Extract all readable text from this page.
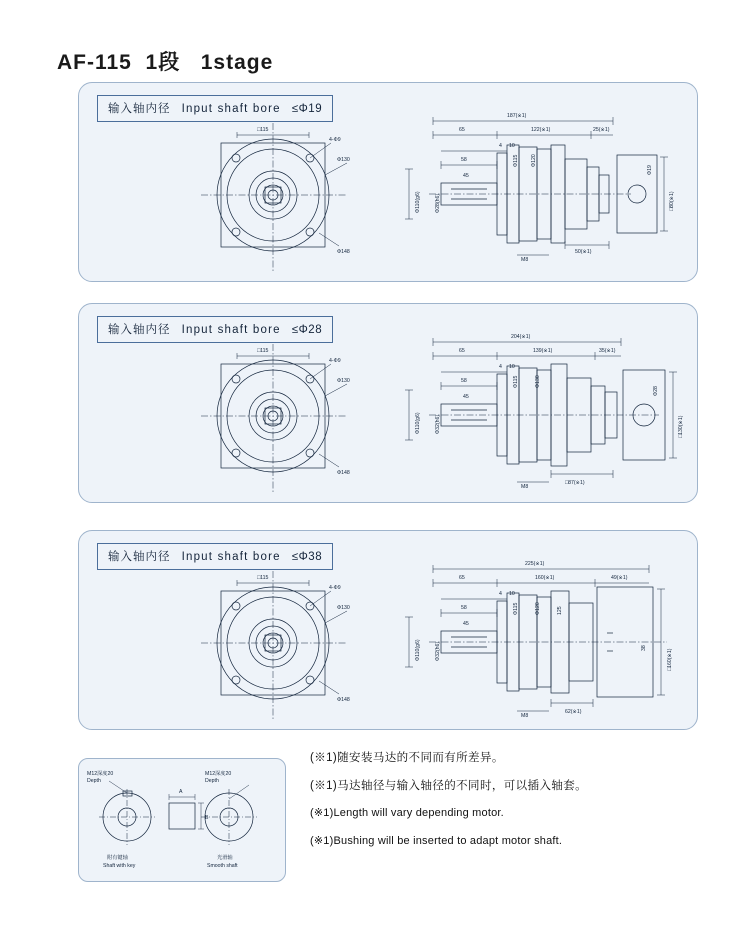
AF-115  1段   1stage
输入轴内径 Input shaft bore ≤Φ19
□115
4-Φ9
Φ130
Φ148
187(※1)
65	122(※1)	25(※1)
4 10
58
45
Φ115 Φ120
Φ110(g6)	Φ28(h6)
Φ19
□80(※1)
50(※1)
M8
输入轴内径 Input shaft bore ≤Φ28
□115
4-Φ9
Φ130
Φ148
204(※1)
65	139(※1)	35(※1)
4 10
58
45
Φ115	Φ130
Φ110(g6)	Φ32(h6)
Φ28
□130(※1)
□87(※1)
M8
输入轴内径 Input shaft bore ≤Φ38
□115
4-Φ9
Φ130
Φ148
225(※1)
65	160(※1)	49(※1)
4 10
58
45
Φ115	Φ120	125
Φ110(g6)	Φ32(h6)	38
□160(※1)
62(※1)
M8
M12深度20
Depth
M12深度20
Depth
A
B
附有键轴
Shaft with key
光滑轴
Smooth shaft
(※1)随安装马达的不同而有所差异。
(※1)马达轴径与输入轴径的不同时，可以插入轴套。
(※1)Length will vary depending motor.
(※1)Bushing will be inserted to adapt motor shaft.
